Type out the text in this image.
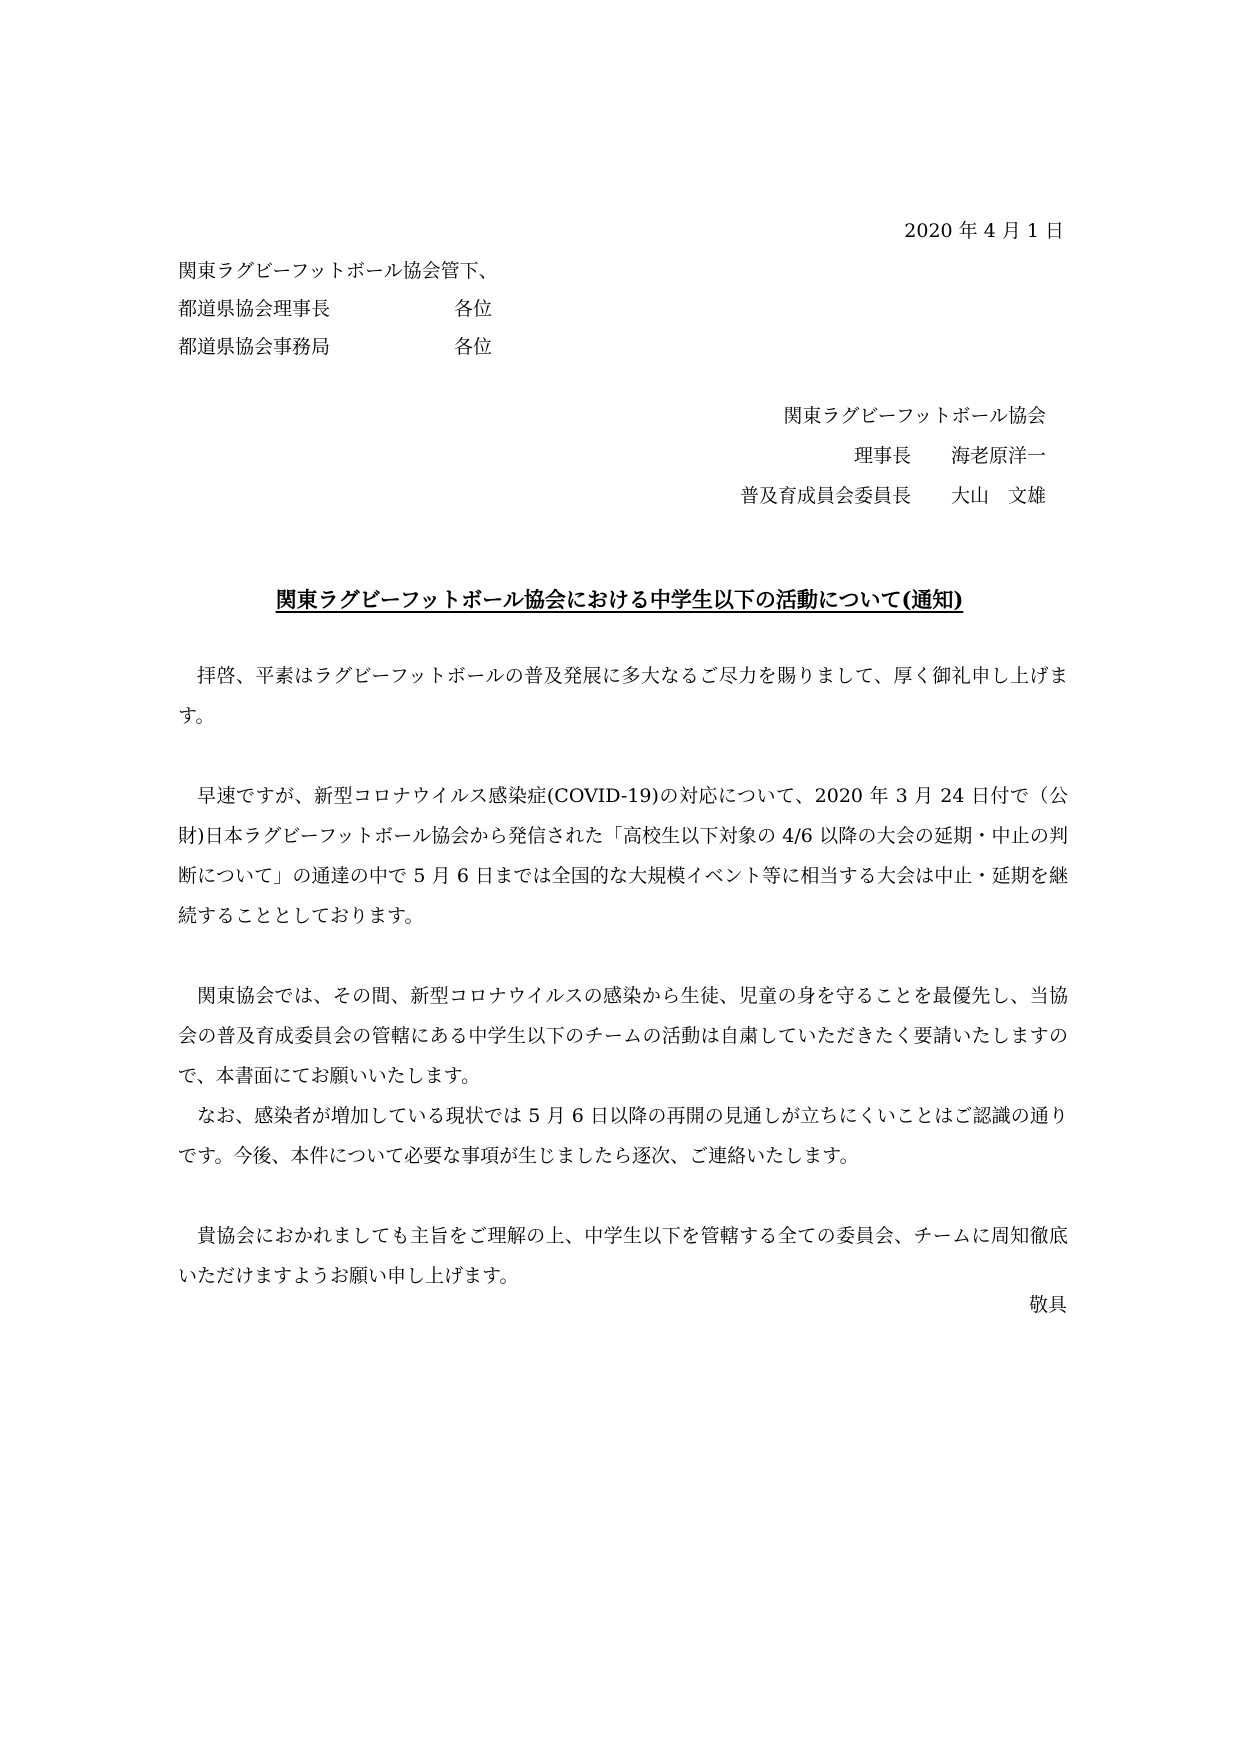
2020 年 4 月 1 日
関東ラグビーフットボール協会管下、
都道県協会理事長	各位
都道県協会事務局	各位
関東ラグビーフットボール協会
理事長 海老原洋一
普及育成員会委員長 大山　文雄
関東ラグビーフットボール協会における中学生以下の活動について(通知)

拝啓、平素はラグビーフットボールの普及発展に多大なるご尽力を賜りまして、厚く御礼申し上げます。

早速ですが、新型コロナウイルス感染症(COVID-19)の対応について、2020 年 3 月 24 日付で（公財)日本ラグビーフットボール協会から発信された「高校生以下対象の 4/6 以降の大会の延期・中止の判断について」の通達の中で 5 月 6 日までは全国的な大規模イベント等に相当する大会は中止・延期を継続することとしております。

関東協会では、その間、新型コロナウイルスの感染から生徒、児童の身を守ることを最優先し、当協会の普及育成委員会の管轄にある中学生以下のチームの活動は自粛していただきたく要請いたしますので、本書面にてお願いいたします。

なお、感染者が増加している現状では 5 月 6 日以降の再開の見通しが立ちにくいことはご認識の通りです。今後、本件について必要な事項が生じましたら逐次、ご連絡いたします。

貴協会におかれましても主旨をご理解の上、中学生以下を管轄する全ての委員会、チームに周知徹底いただけますようお願い申し上げます。

敬具
